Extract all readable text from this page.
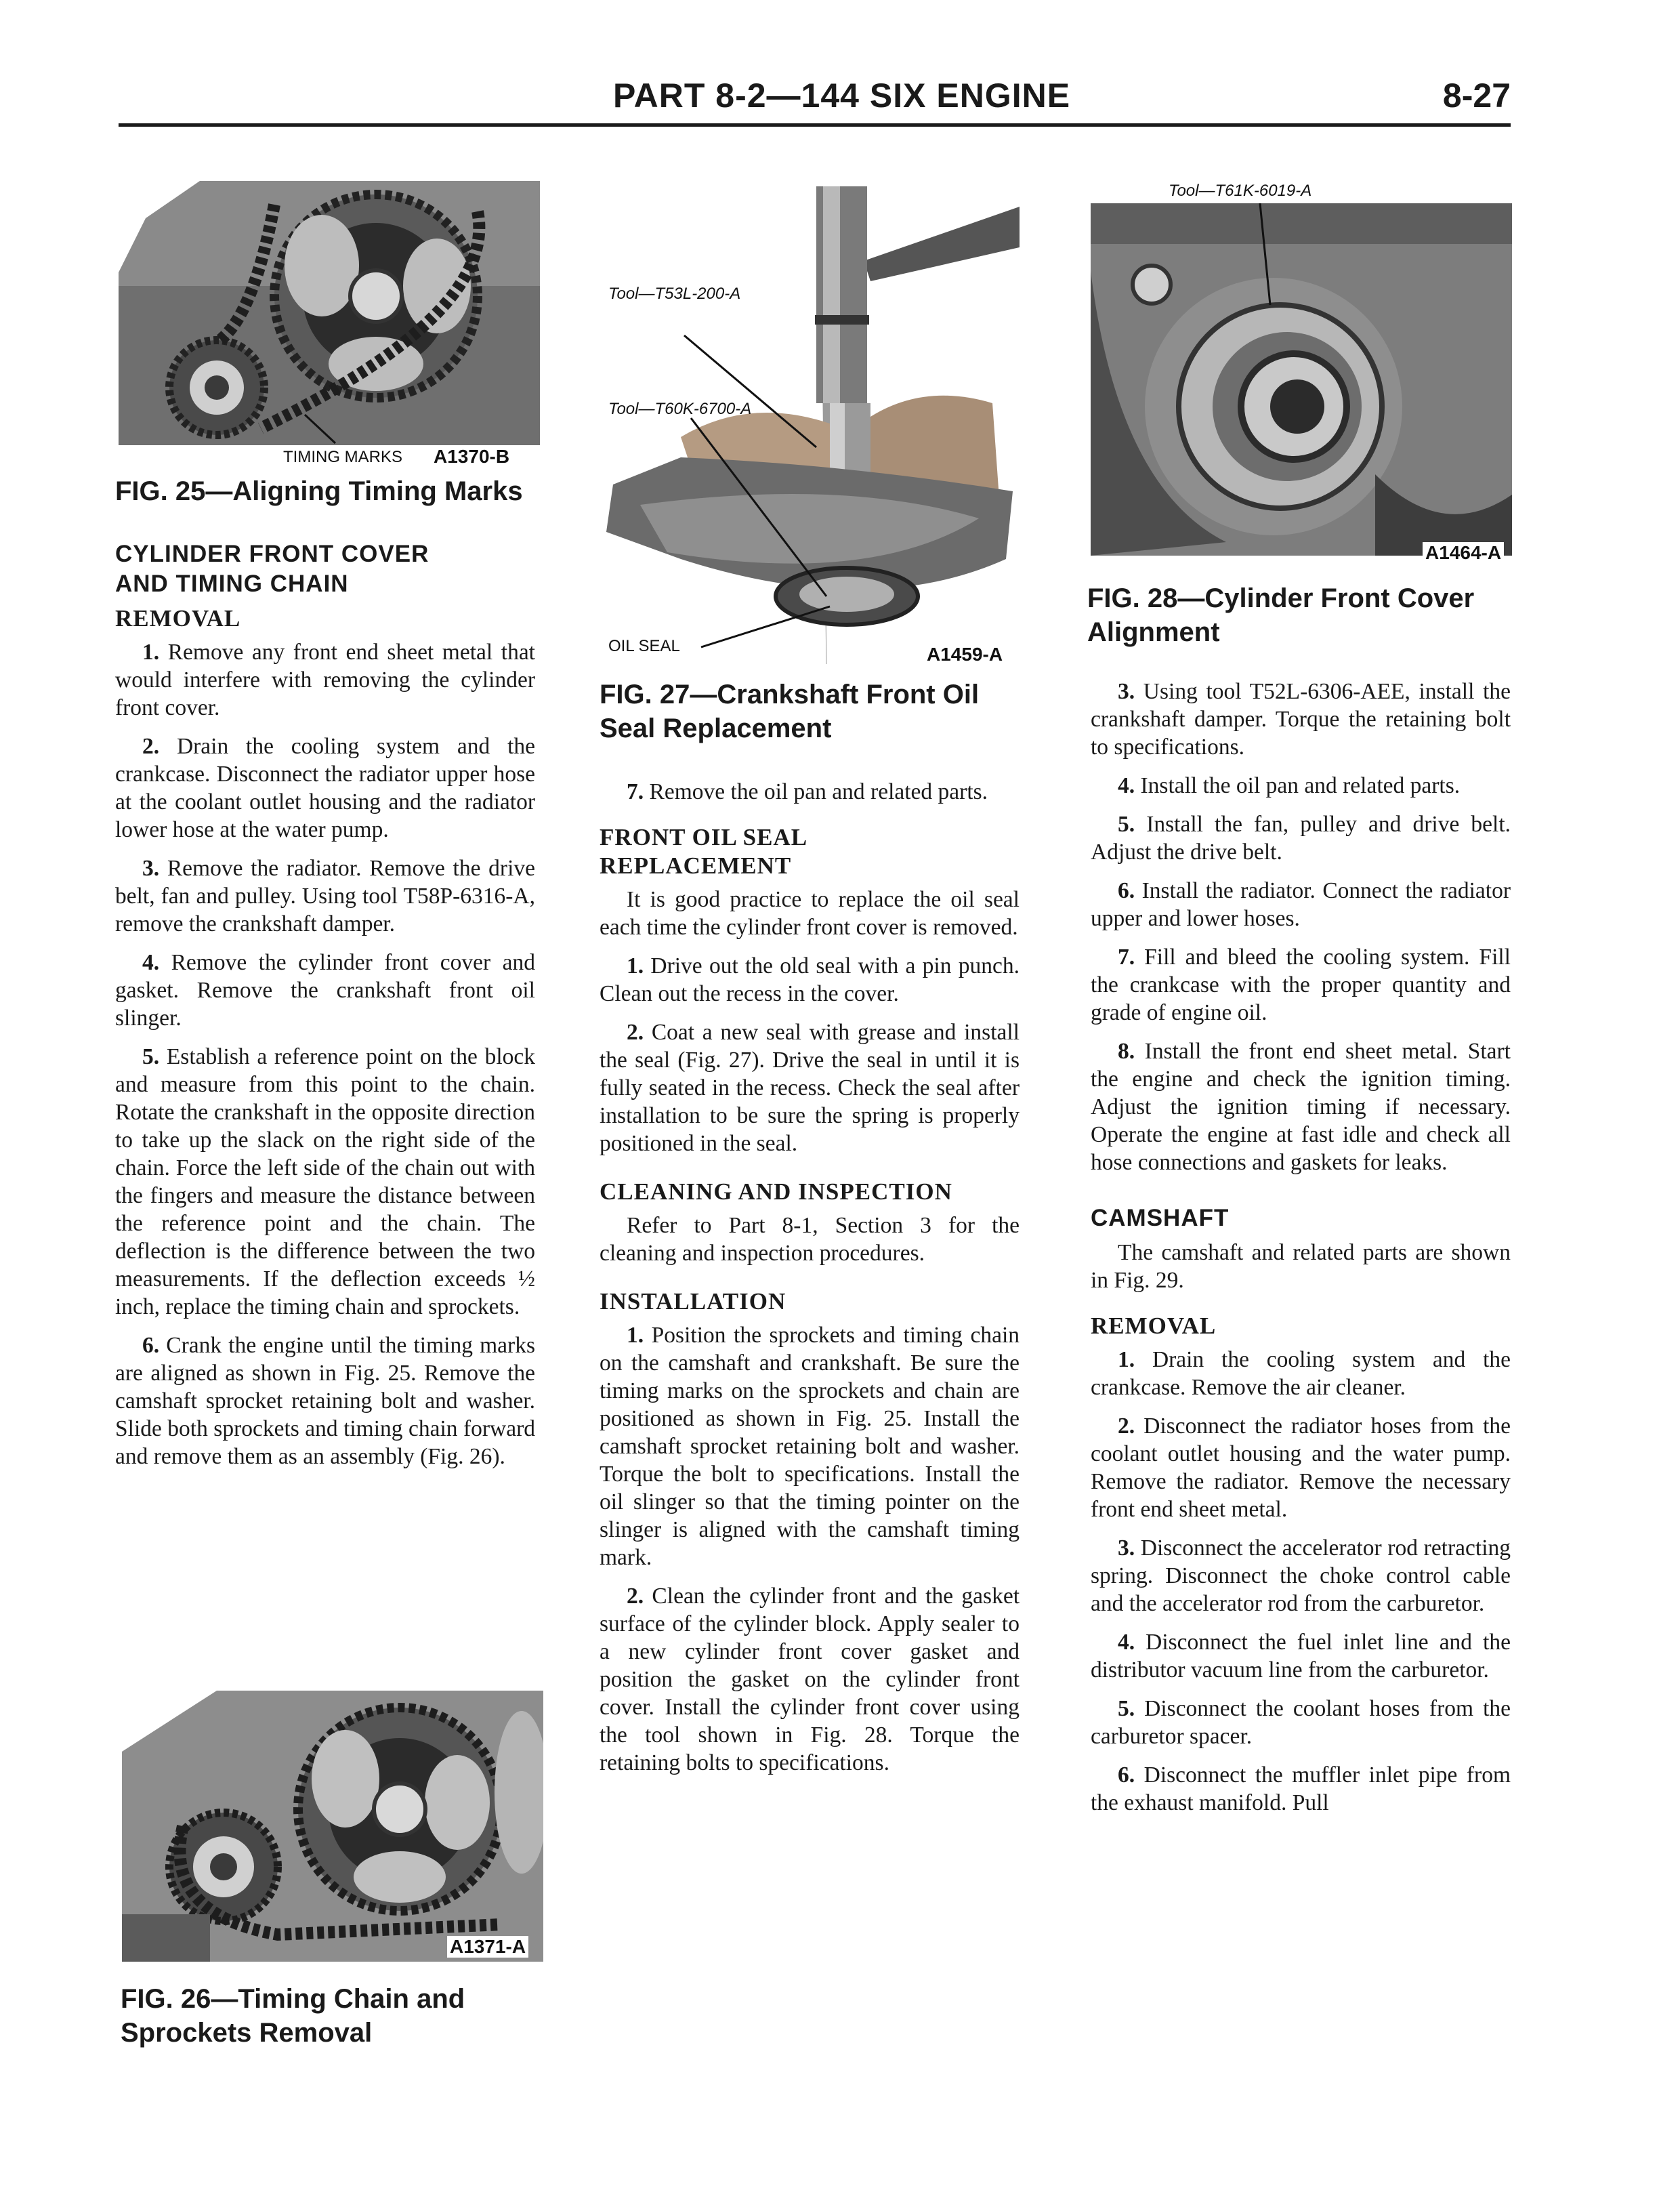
PART 8-2—144 SIX ENGINE	8-27
TIMING MARKS A1370-B
FIG. 25—Aligning Timing Marks
CYLINDER FRONT COVER
AND TIMING CHAIN
REMOVAL

1. Remove any front end sheet metal that would interfere with removing the cylinder front cover.

2. Drain the cooling system and the crankcase. Disconnect the radiator upper hose at the coolant outlet housing and the radiator lower hose at the water pump.

3. Remove the radiator. Remove the drive belt, fan and pulley. Using tool T58P-6316-A, remove the crankshaft damper.

4. Remove the cylinder front cover and gasket. Remove the crankshaft front oil slinger.

5. Establish a reference point on the block and measure from this point to the chain. Rotate the crankshaft in the opposite direction to take up the slack on the right side of the chain. Force the left side of the chain out with the fingers and measure the distance between the reference point and the chain. The deflection is the difference between the two measurements. If the deflection exceeds ½ inch, replace the timing chain and sprockets.

6. Crank the engine until the timing marks are aligned as shown in Fig. 25. Remove the camshaft sprocket retaining bolt and washer. Slide both sprockets and timing chain forward and remove them as an assembly (Fig. 26).

A1371-A
FIG. 26—Timing Chain and Sprockets Removal
Tool—T53L-200-A
Tool—T60K-6700-A
OIL SEAL	A1459-A
FIG. 27—Crankshaft Front Oil Seal Replacement

7. Remove the oil pan and related parts.

FRONT OIL SEAL
REPLACEMENT

It is good practice to replace the oil seal each time the cylinder front cover is removed.

1. Drive out the old seal with a pin punch. Clean out the recess in the cover.

2. Coat a new seal with grease and install the seal (Fig. 27). Drive the seal in until it is fully seated in the recess. Check the seal after installation to be sure the spring is properly positioned in the seal.

CLEANING AND INSPECTION

Refer to Part 8-1, Section 3 for the cleaning and inspection procedures.

INSTALLATION

1. Position the sprockets and timing chain on the camshaft and crankshaft. Be sure the timing marks on the sprockets and chain are positioned as shown in Fig. 25. Install the camshaft sprocket retaining bolt and washer. Torque the bolt to specifications. Install the oil slinger so that the timing pointer on the slinger is aligned with the camshaft timing mark.

2. Clean the cylinder front and the gasket surface of the cylinder block. Apply sealer to a new cylinder front cover gasket and position the gasket on the cylinder front cover. Install the cylinder front cover using the tool shown in Fig. 28. Torque the retaining bolts to specifications.

Tool—T61K-6019-A
A1464-A
FIG. 28—Cylinder Front Cover Alignment

3. Using tool T52L-6306-AEE, install the crankshaft damper. Torque the retaining bolt to specifications.

4. Install the oil pan and related parts.

5. Install the fan, pulley and drive belt. Adjust the drive belt.

6. Install the radiator. Connect the radiator upper and lower hoses.

7. Fill and bleed the cooling system. Fill the crankcase with the proper quantity and grade of engine oil.

8. Install the front end sheet metal. Start the engine and check the ignition timing. Adjust the ignition timing if necessary. Operate the engine at fast idle and check all hose connections and gaskets for leaks.

CAMSHAFT

The camshaft and related parts are shown in Fig. 29.

REMOVAL

1. Drain the cooling system and the crankcase. Remove the air cleaner.

2. Disconnect the radiator hoses from the coolant outlet housing and the water pump. Remove the radiator. Remove the necessary front end sheet metal.

3. Disconnect the accelerator rod retracting spring. Disconnect the choke control cable and the accelerator rod from the carburetor.

4. Disconnect the fuel inlet line and the distributor vacuum line from the carburetor.

5. Disconnect the coolant hoses from the carburetor spacer.

6. Disconnect the muffler inlet pipe from the exhaust manifold. Pull
